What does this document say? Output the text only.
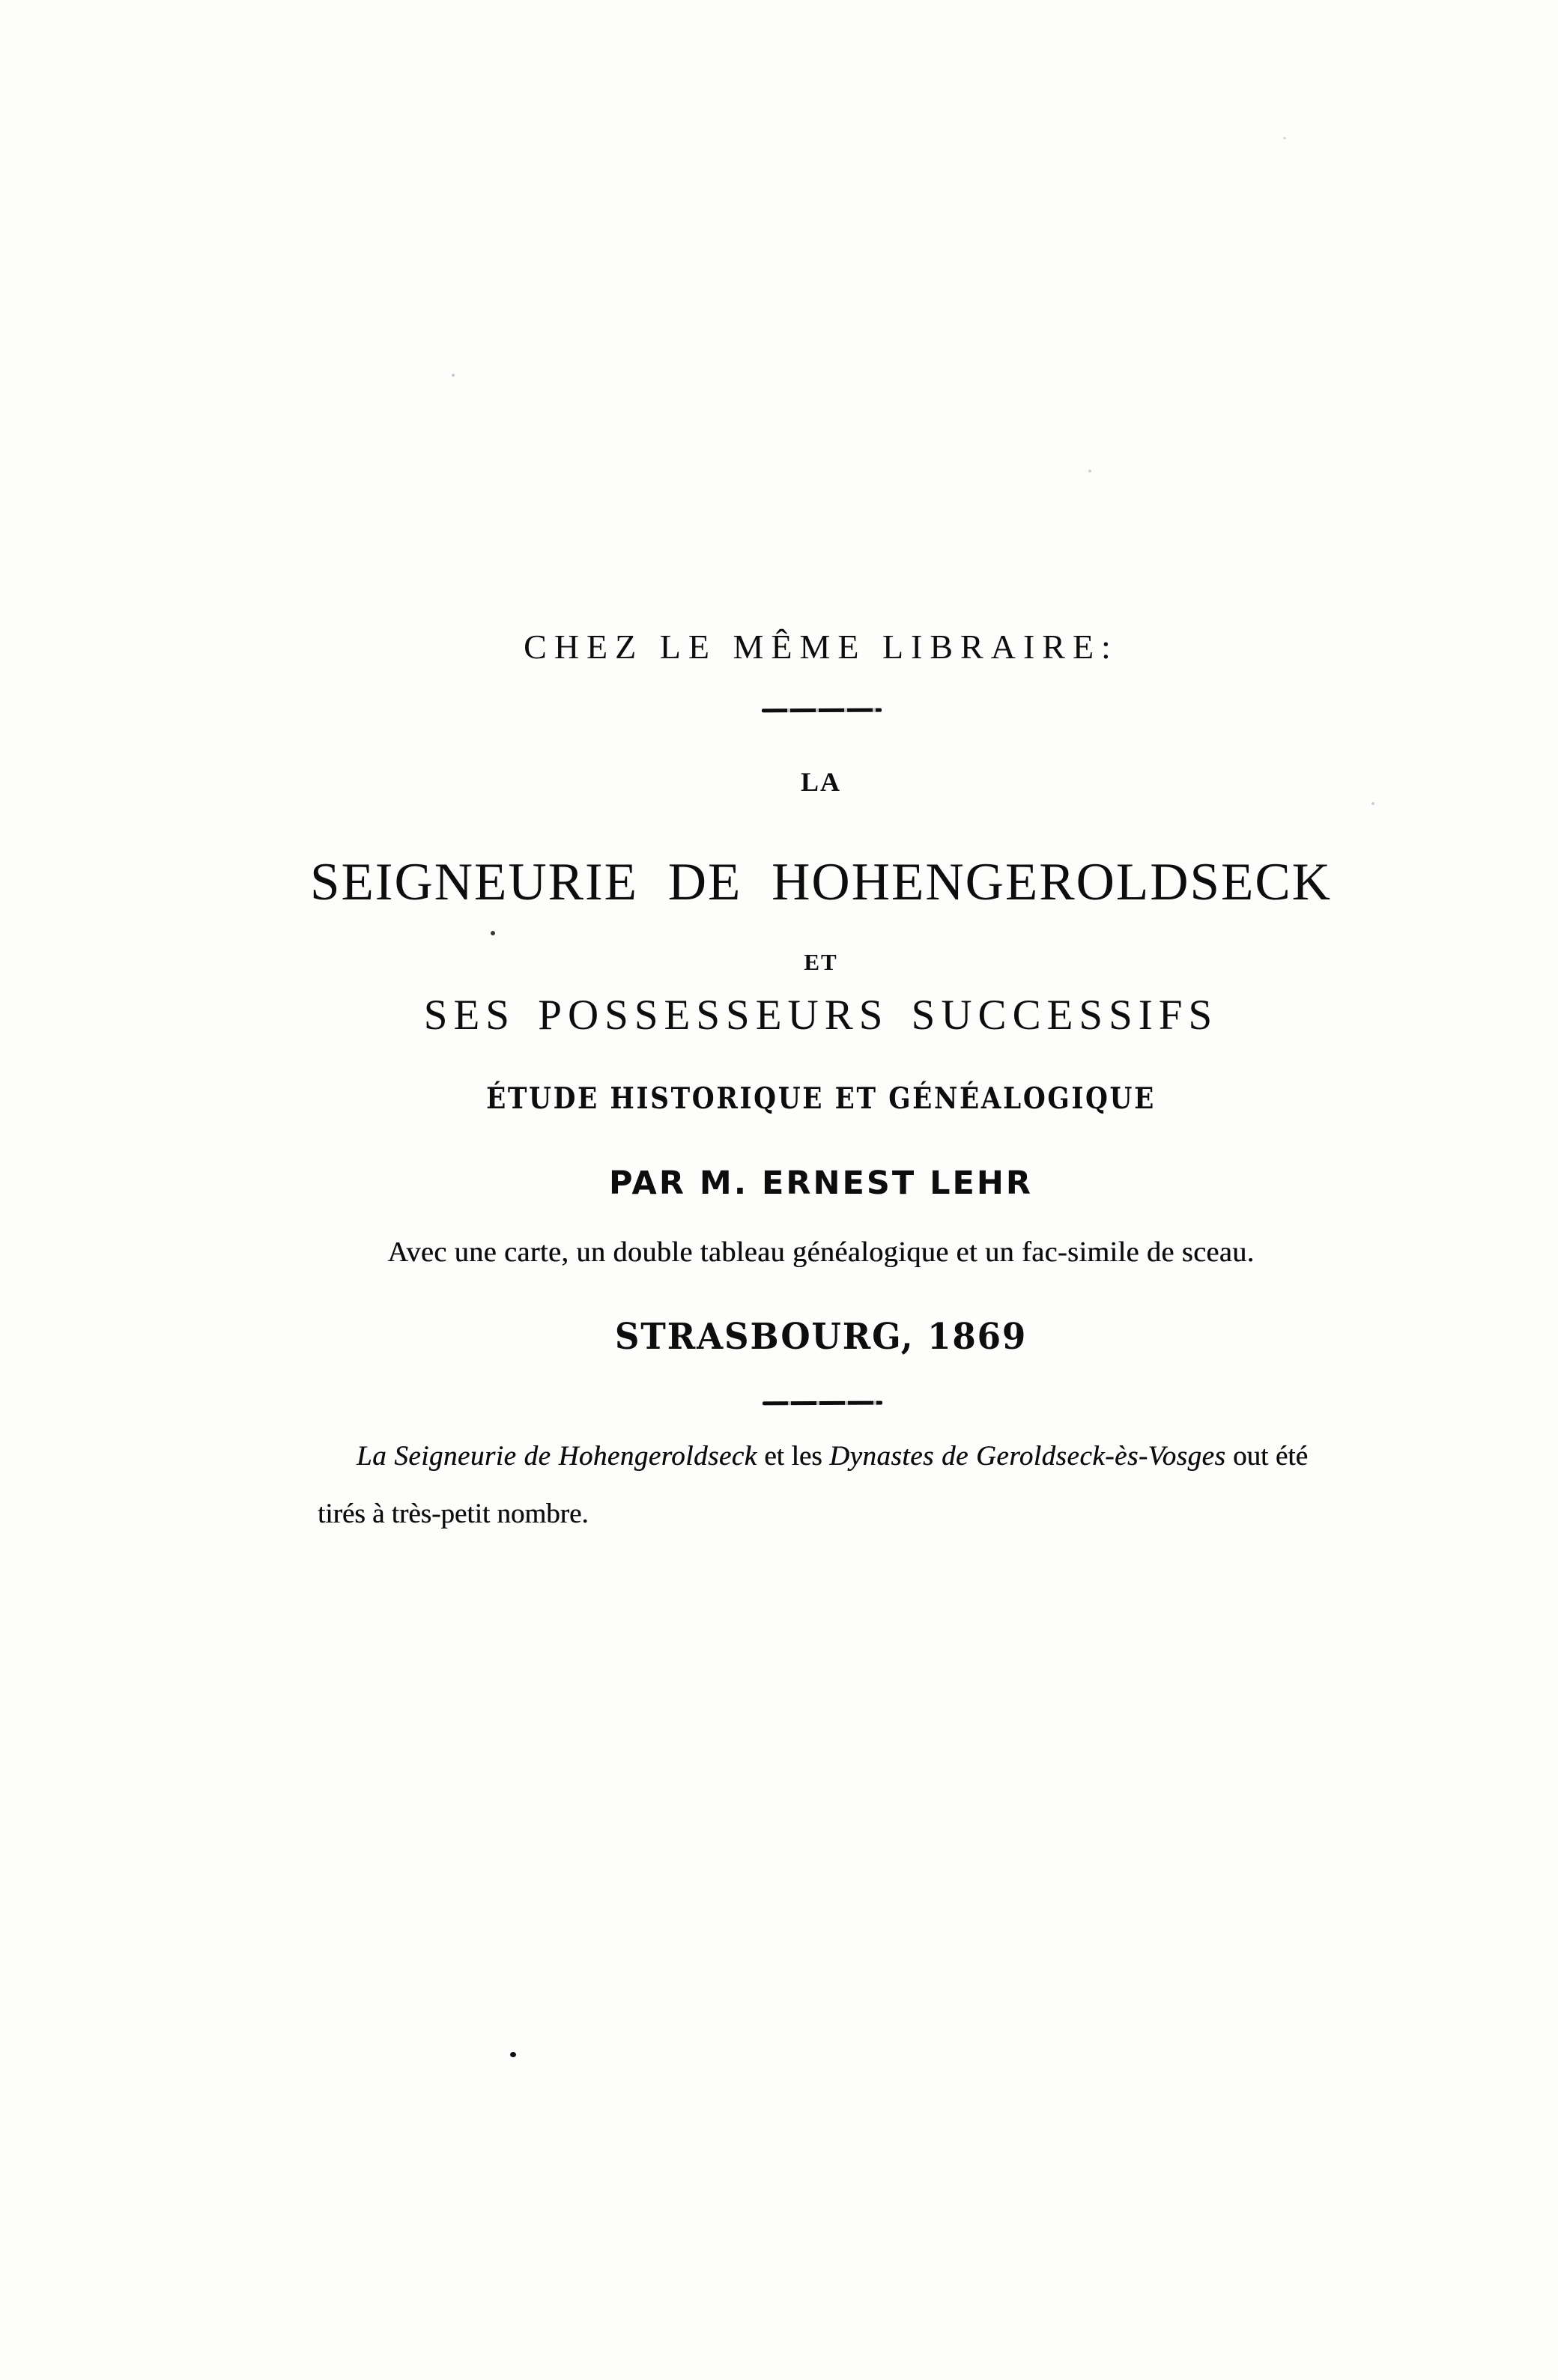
CHEZ LE MÊME LIBRAIRE:
LA
SEIGNEURIE DE HOHENGEROLDSECK
ET
SES POSSESSEURS SUCCESSIFS
ÉTUDE HISTORIQUE ET GÉNÉALOGIQUE
PAR M. ERNEST LEHR
Avec une carte, un double tableau généalogique et un fac-simile de sceau.
STRASBOURG, 1869
La Seigneurie de Hohengeroldseck et les Dynastes de Geroldseck-ès-Vosges out été
tirés à très-petit nombre.
